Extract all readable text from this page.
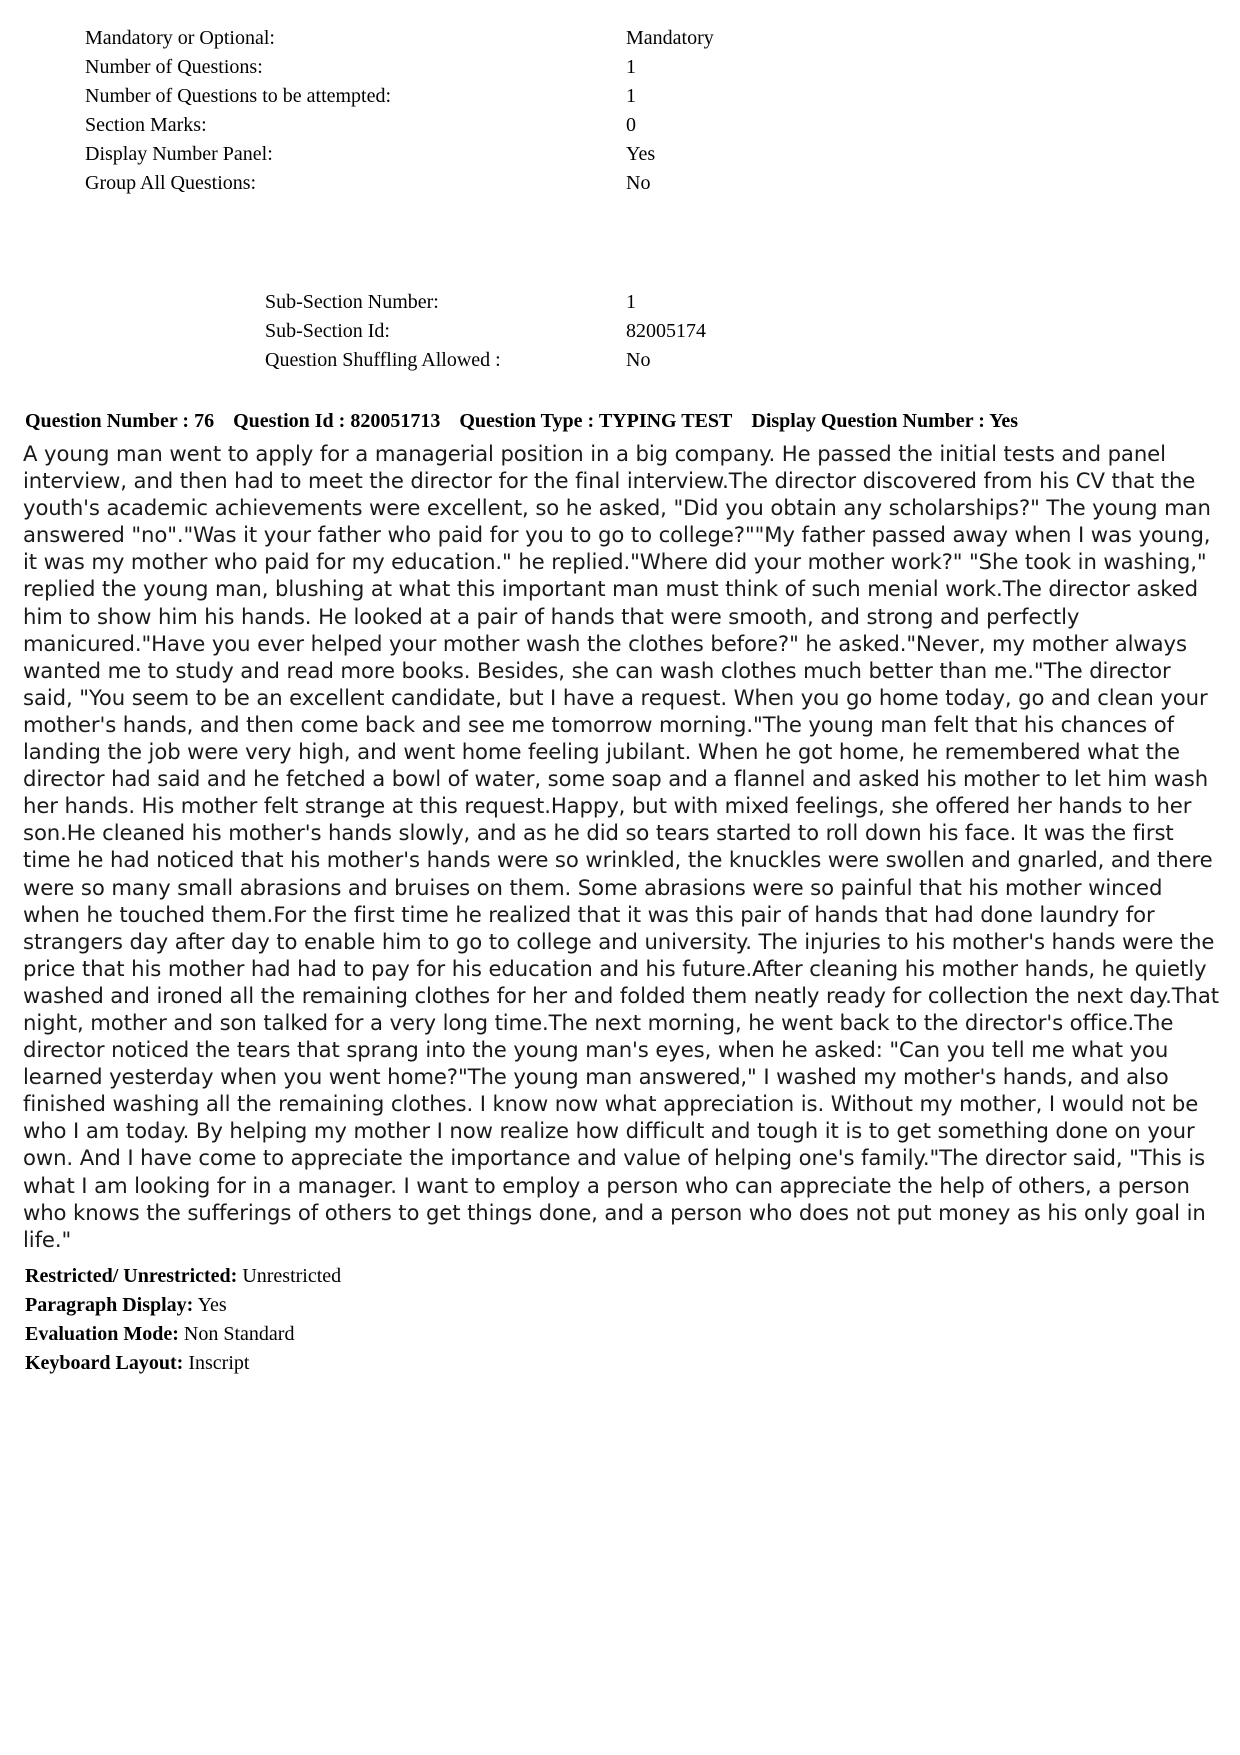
Mandatory or Optional:	Mandatory
Number of Questions:	1
Number of Questions to be attempted:	1
Section Marks:	0
Display Number Panel:	Yes
Group All Questions:	No
Sub-Section Number:	1
Sub-Section Id:	82005174
Question Shuffling Allowed :	No
Question Number : 76 Question Id : 820051713 Question Type : TYPING TEST Display Question Number : Yes
A young man went to apply for a managerial position in a big company. He passed the initial tests and panel interview, and then had to meet the director for the final interview.The director discovered from his CV that the youth's academic achievements were excellent, so he asked, "Did you obtain any scholarships?" The young man answered "no"."Was it your father who paid for you to go to college?""My father passed away when I was young, it was my mother who paid for my education." he replied."Where did your mother work?" "She took in washing," replied the young man, blushing at what this important man must think of such menial work.The director asked him to show him his hands. He looked at a pair of hands that were smooth, and strong and perfectly manicured."Have you ever helped your mother wash the clothes before?" he asked."Never, my mother always wanted me to study and read more books. Besides, she can wash clothes much better than me."The director said, "You seem to be an excellent candidate, but I have a request. When you go home today, go and clean your mother's hands, and then come back and see me tomorrow morning."The young man felt that his chances of landing the job were very high, and went home feeling jubilant. When he got home, he remembered what the director had said and he fetched a bowl of water, some soap and a flannel and asked his mother to let him wash her hands. His mother felt strange at this request.Happy, but with mixed feelings, she offered her hands to her son.He cleaned his mother's hands slowly, and as he did so tears started to roll down his face. It was the first time he had noticed that his mother's hands were so wrinkled, the knuckles were swollen and gnarled, and there were so many small abrasions and bruises on them. Some abrasions were so painful that his mother winced when he touched them.For the first time he realized that it was this pair of hands that had done laundry for strangers day after day to enable him to go to college and university. The injuries to his mother's hands were the price that his mother had had to pay for his education and his future.After cleaning his mother hands, he quietly washed and ironed all the remaining clothes for her and folded them neatly ready for collection the next day.That night, mother and son talked for a very long time.The next morning, he went back to the director's office.The director noticed the tears that sprang into the young man's eyes, when he asked: "Can you tell me what you learned yesterday when you went home?"The young man answered," I washed my mother's hands, and also finished washing all the remaining clothes. I know now what appreciation is. Without my mother, I would not be who I am today. By helping my mother I now realize how difficult and tough it is to get something done on your own. And I have come to appreciate the importance and value of helping one's family."The director said, "This is what I am looking for in a manager. I want to employ a person who can appreciate the help of others, a person who knows the sufferings of others to get things done, and a person who does not put money as his only goal in life."
Restricted/ Unrestricted: Unrestricted
Paragraph Display: Yes
Evaluation Mode: Non Standard
Keyboard Layout: Inscript
